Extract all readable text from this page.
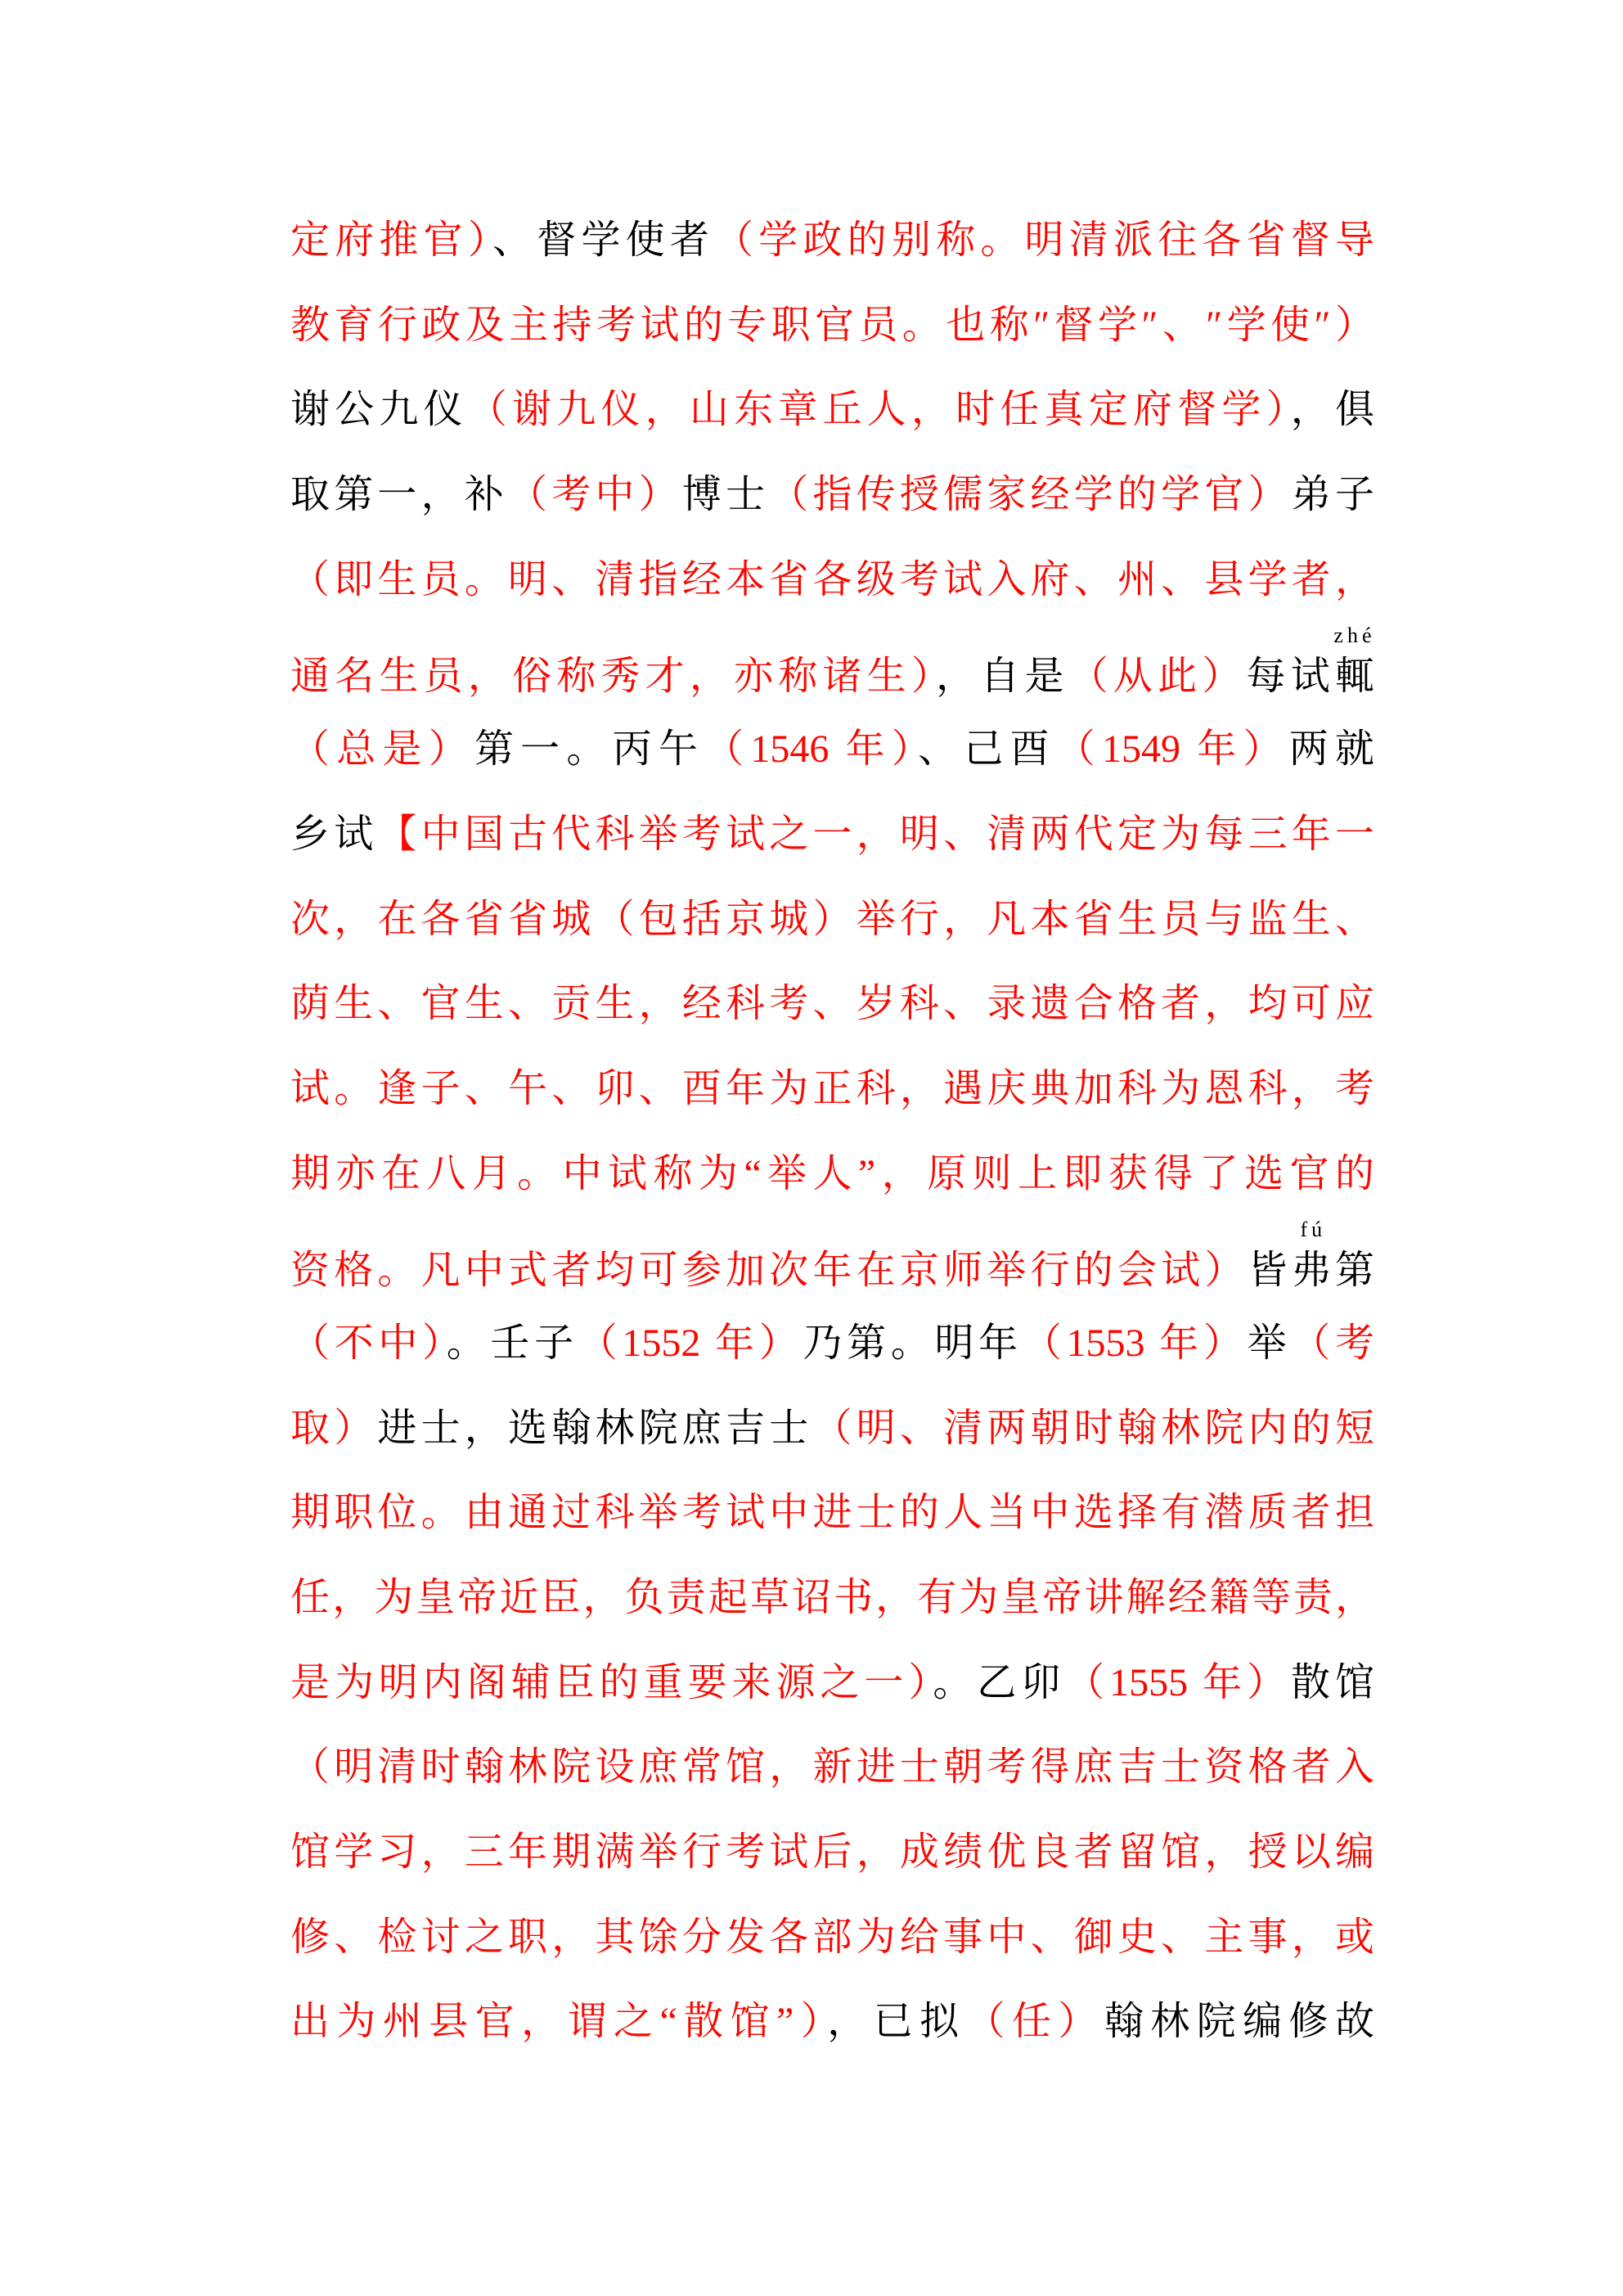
定府推官）、督学使者（学政的别称。明清派往各省督导
教育行政及主持考试的专职官员。也称″督学″、″学使″）
谢公九仪（谢九仪，山东章丘人，时任真定府督学），俱
取第一，补（考中）博士（指传授儒家经学的学官）弟子
（即生员。明、清指经本省各级考试入府、州、县学者，
通名生员，俗称秀才，亦称诸生），自是（从此）每试輒
zhé
（总是）第一。丙午（1546 年）、己酉（1549 年）两就
乡试【中国古代科举考试之一，明、清两代定为每三年一
次，在各省省城（包括京城）举行，凡本省生员与监生、
荫生、官生、贡生，经科考、岁科、录遗合格者，均可应
试。逢子、午、卯、酉年为正科，遇庆典加科为恩科，考
期亦在八月。中试称为“举人”，原则上即获得了选官的
资格。凡中式者均可参加次年在京师举行的会试）皆弗
fú
第
（不中）。壬子（1552 年）乃第。明年（1553 年）举（考
取）进士，选翰林院庶吉士（明、清两朝时翰林院内的短
期职位。由通过科举考试中进士的人当中选择有潜质者担
任，为皇帝近臣，负责起草诏书，有为皇帝讲解经籍等责，
是为明内阁辅臣的重要来源之一）。乙卯（1555 年）散馆
（明清时翰林院设庶常馆，新进士朝考得庶吉士资格者入
馆学习，三年期满举行考试后，成绩优良者留馆，授以编
修、检讨之职，其馀分发各部为给事中、御史、主事，或
出为州县官，谓之“散馆”），已拟（任）翰林院编修故
